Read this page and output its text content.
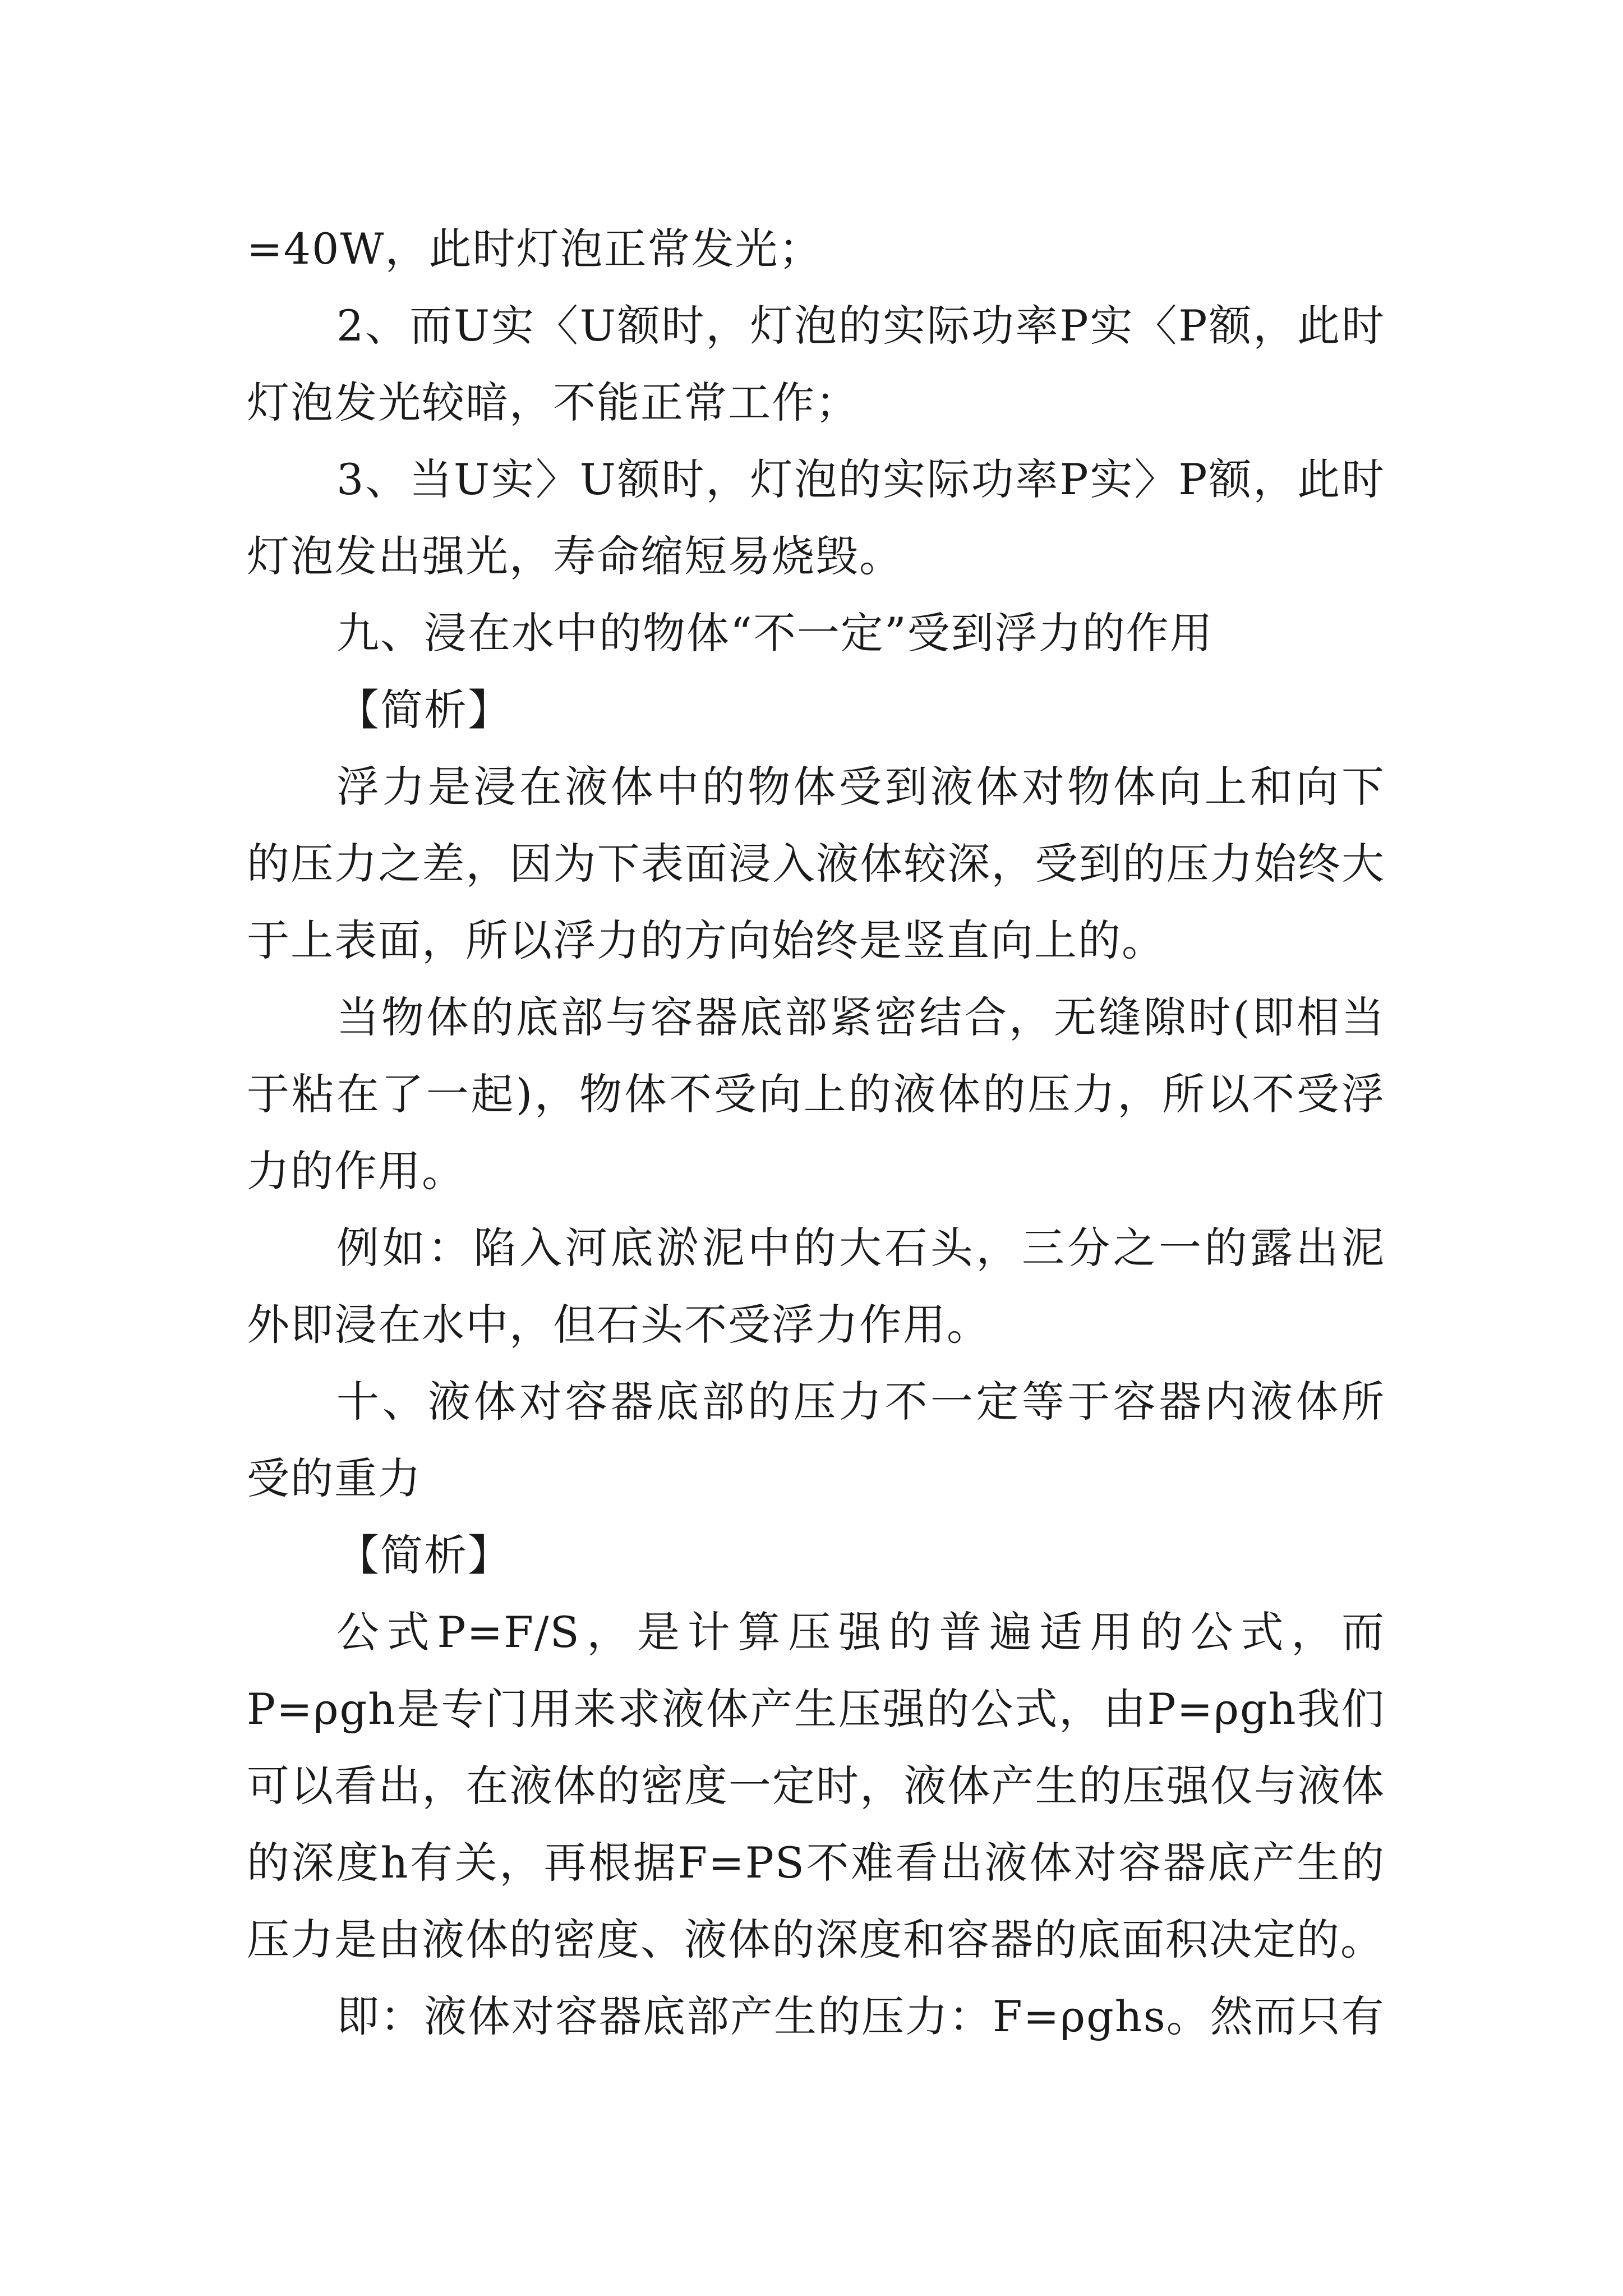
=40W，此时灯泡正常发光；

2、而U实〈U额时，灯泡的实际功率P实〈P额，此时灯泡发光较暗，不能正常工作；

3、当U实〉U额时，灯泡的实际功率P实〉P额，此时灯泡发出强光，寿命缩短易烧毁。

九、浸在水中的物体“不一定”受到浮力的作用

【简析】

浮力是浸在液体中的物体受到液体对物体向上和向下的压力之差，因为下表面浸入液体较深，受到的压力始终大于上表面，所以浮力的方向始终是竖直向上的。

当物体的底部与容器底部紧密结合，无缝隙时(即相当于粘在了一起)，物体不受向上的液体的压力，所以不受浮力的作用。

例如：陷入河底淤泥中的大石头，三分之一的露出泥外即浸在水中，但石头不受浮力作用。

十、液体对容器底部的压力不一定等于容器内液体所受的重力

【简析】

公式P=F/S，是计算压强的普遍适用的公式，而P=ρgh是专门用来求液体产生压强的公式，由P=ρgh我们可以看出，在液体的密度一定时，液体产生的压强仅与液体的深度h有关，再根据F=PS不难看出液体对容器底产生的压力是由液体的密度、液体的深度和容器的底面积决定的。

即：液体对容器底部产生的压力：F=ρghs。然而只有
